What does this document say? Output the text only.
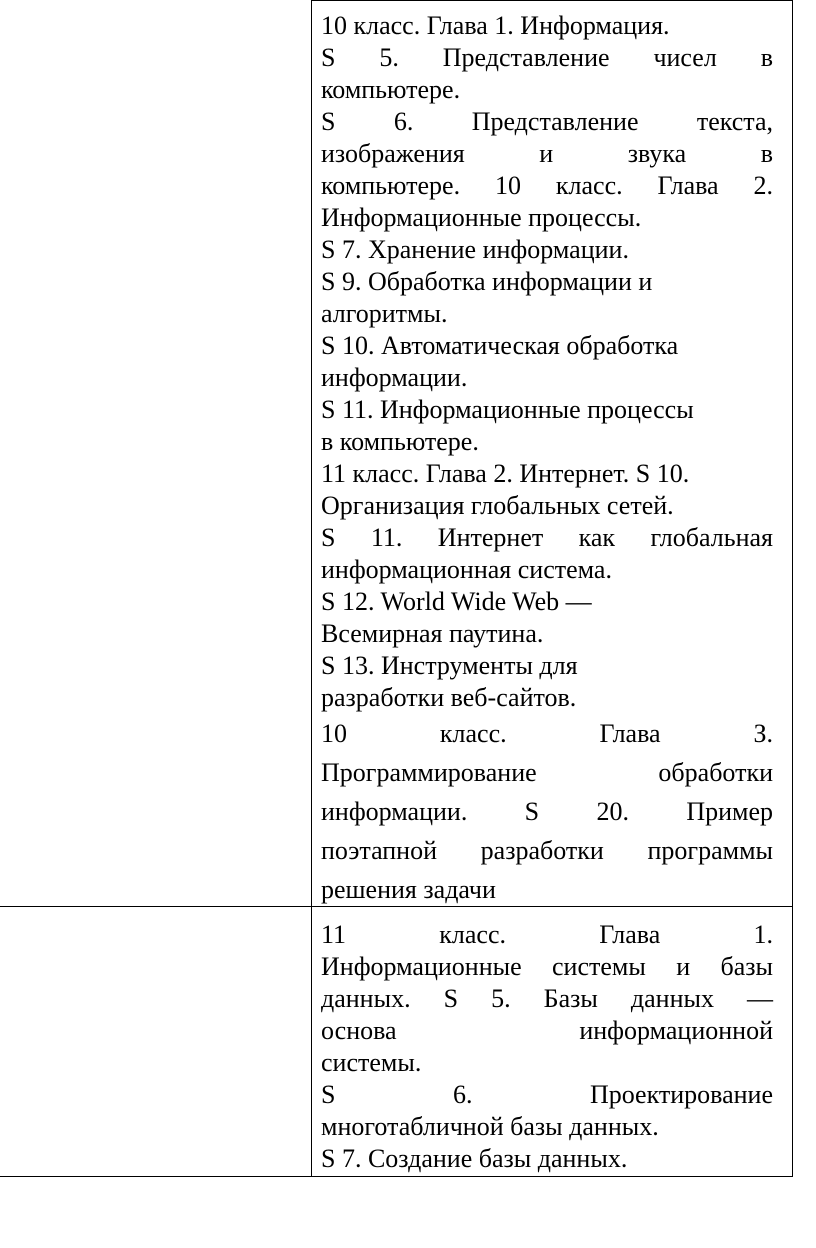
10 класс. Глава 1. Информация.
S 5. Представление чисел в
компьютере.
S 6. Представление текста,
изображения и звука в
компьютере. 10 класс. Глава 2.
Информационные процессы.
S 7. Хранение информации.
S 9. Обработка информации и
алгоритмы.
S 10. Автоматическая обработка
информации.
S 11. Информационные процессы
в компьютере.
11 класс. Глава 2. Интернет. S 10.
Организация глобальных сетей.
S 11. Интернет как глобальная
информационная система.
S 12. World Wide Web —
Всемирная паутина.
S 13. Инструменты для
разработки веб-сайтов.
10 класс. Глава З.
Программирование обработки
информации. S 20. Пример
поэтапной разработки программы
решения задачи
11 класс. Глава 1.
Информационные системы и базы
данных. S 5. Базы данных —
основа информационной
системы.
S 6. Проектирование
многотабличной базы данных.
S 7. Создание базы данных.
